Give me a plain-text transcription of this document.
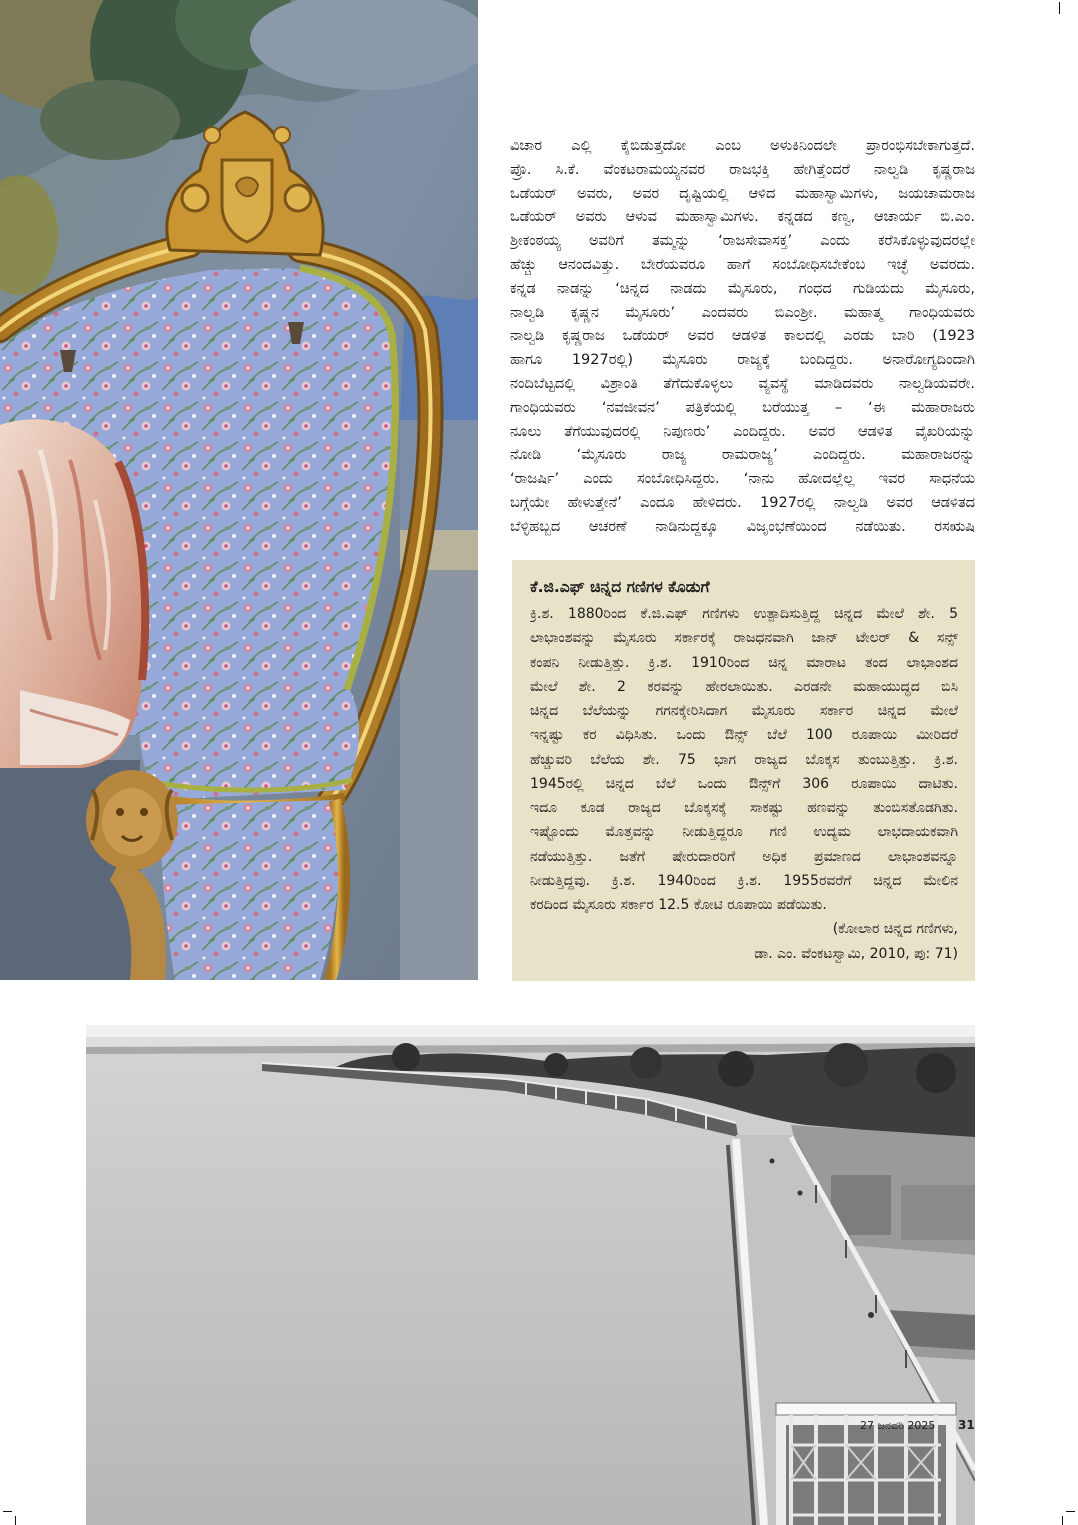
ವಿಚಾರ ಎಲ್ಲಿ ಕೈಬಿಡುತ್ತದೋ ಎಂಬ ಅಳುಕಿನಿಂದಲೇ ಪ್ರಾರಂಭಿಸಬೇಕಾಗುತ್ತದೆ.
ಪ್ರೊ. ಸಿ.ಕೆ. ವೆಂಕಟರಾಮಯ್ಯನವರ ರಾಜಭಕ್ತಿ ಹೇಗಿತ್ತೆಂದರೆ ನಾಲ್ವಡಿ ಕೃಷ್ಣರಾಜ
ಒಡೆಯರ್ ಅವರು, ಅವರ ದೃಷ್ಟಿಯಲ್ಲಿ ಆಳಿದ ಮಹಾಸ್ವಾಮಿಗಳು, ಜಯಚಾಮರಾಜ
ಒಡೆಯರ್ ಅವರು ಆಳುವ ಮಹಾಸ್ವಾಮಿಗಳು. ಕನ್ನಡದ ಕಣ್ವ, ಆಚಾರ್ಯ ಬಿ.ಎಂ.
ಶ್ರೀಕಂಠಯ್ಯ ಅವರಿಗೆ ತಮ್ಮನ್ನು ‘ರಾಜಸೇವಾಸಕ್ತ’ ಎಂದು ಕರೆಸಿಕೊಳ್ಳುವುದರಲ್ಲೇ
ಹೆಚ್ಚು ಆನಂದವಿತ್ತು. ಬೇರೆಯವರೂ ಹಾಗೆ ಸಂಬೋಧಿಸಬೇಕೆಂಬ ಇಚ್ಛೆ ಅವರದು.
ಕನ್ನಡ ನಾಡನ್ನು ‘ಚಿನ್ನದ ನಾಡದು ಮೈಸೂರು, ಗಂಧದ ಗುಡಿಯದು ಮೈಸೂರು,
ನಾಲ್ವಡಿ ಕೃಷ್ಣನ ಮೈಸೂರು’ ಎಂದವರು ಬಿಎಂಶ್ರೀ. ಮಹಾತ್ಮ ಗಾಂಧಿಯವರು
ನಾಲ್ವಡಿ ಕೃಷ್ಣರಾಜ ಒಡೆಯರ್ ಅವರ ಆಡಳಿತ ಕಾಲದಲ್ಲಿ ಎರಡು ಬಾರಿ (1923
ಹಾಗೂ 1927ರಲ್ಲಿ) ಮೈಸೂರು ರಾಜ್ಯಕ್ಕೆ ಬಂದಿದ್ದರು. ಅನಾರೋಗ್ಯದಿಂದಾಗಿ
ನಂದಿಬೆಟ್ಟದಲ್ಲಿ ವಿಶ್ರಾಂತಿ ತೆಗೆದುಕೊಳ್ಳಲು ವ್ಯವಸ್ಥೆ ಮಾಡಿದವರು ನಾಲ್ವಡಿಯವರೇ.
ಗಾಂಧಿಯವರು ‘ನವಜೀವನ’ ಪತ್ರಿಕೆಯಲ್ಲಿ ಬರೆಯುತ್ತ – ‘ಈ ಮಹಾರಾಜರು
ನೂಲು ತೆಗೆಯುವುದರಲ್ಲಿ ನಿಪುಣರು’ ಎಂದಿದ್ದರು. ಅವರ ಆಡಳಿತ ವೈಖರಿಯನ್ನು
ನೋಡಿ ‘ಮೈಸೂರು ರಾಜ್ಯ ರಾಮರಾಜ್ಯ’ ಎಂದಿದ್ದರು. ಮಹಾರಾಜರನ್ನು
‘ರಾಜರ್ಷಿ’ ಎಂದು ಸಂಬೋಧಿಸಿದ್ದರು. ‘ನಾನು ಹೋದಲ್ಲೆಲ್ಲ ಇವರ ಸಾಧನೆಯ
ಬಗ್ಗೆಯೇ ಹೇಳುತ್ತೇನೆ’ ಎಂದೂ ಹೇಳಿದರು. 1927ರಲ್ಲಿ ನಾಲ್ವಡಿ ಅವರ ಆಡಳಿತದ
ಬೆಳ್ಳಿಹಬ್ಬದ ಆಚರಣೆ ನಾಡಿನುದ್ದಕ್ಕೂ ವಿಜೃಂಭಣೆಯಿಂದ ನಡೆಯಿತು. ರಸಋಷಿ
ಕೆ.ಜಿ.ಎಫ್ ಚಿನ್ನದ ಗಣಿಗಳ ಕೊಡುಗೆ
ಕ್ರಿ.ಶ. 1880ರಿಂದ ಕೆ.ಜಿ.ಎಫ್ ಗಣಿಗಳು ಉತ್ಪಾದಿಸುತ್ತಿದ್ದ ಚಿನ್ನದ ಮೇಲೆ ಶೇ. 5
ಲಾಭಾಂಶವನ್ನು ಮೈಸೂರು ಸರ್ಕಾರಕ್ಕೆ ರಾಜಧನವಾಗಿ ಜಾನ್ ಟೇಲರ್ & ಸನ್ಸ್
ಕಂಪನಿ ನೀಡುತ್ತಿತ್ತು. ಕ್ರಿ.ಶ. 1910ರಿಂದ ಚಿನ್ನ ಮಾರಾಟ ತಂದ ಲಾಭಾಂಶದ
ಮೇಲೆ ಶೇ. 2 ಕರವನ್ನು ಹೇರಲಾಯಿತು. ಎರಡನೇ ಮಹಾಯುದ್ಧದ ಬಿಸಿ
ಚಿನ್ನದ ಬೆಲೆಯನ್ನು ಗಗನಕ್ಕೇರಿಸಿದಾಗ ಮೈಸೂರು ಸರ್ಕಾರ ಚಿನ್ನದ ಮೇಲೆ
ಇನ್ನಷ್ಟು ಕರ ವಿಧಿಸಿತು. ಒಂದು ಔನ್ಸ್ ಬೆಲೆ 100 ರೂಪಾಯಿ ಮೀರಿದರೆ
ಹೆಚ್ಚುವರಿ ಬೆಲೆಯ ಶೇ. 75 ಭಾಗ ರಾಜ್ಯದ ಬೊಕ್ಕಸ ತುಂಬುತ್ತಿತ್ತು. ಕ್ರಿ.ಶ.
1945ರಲ್ಲಿ ಚಿನ್ನದ ಬೆಲೆ ಒಂದು ಔನ್ಸ್‌ಗೆ 306 ರೂಪಾಯಿ ದಾಟಿತು.
ಇದೂ ಕೂಡ ರಾಜ್ಯದ ಬೊಕ್ಕಸಕ್ಕೆ ಸಾಕಷ್ಟು ಹಣವನ್ನು ತುಂಬಿಸತೊಡಗಿತು.
ಇಷ್ಟೊಂದು ಮೊತ್ತವನ್ನು ನೀಡುತ್ತಿದ್ದರೂ ಗಣಿ ಉದ್ಯಮ ಲಾಭದಾಯಕವಾಗಿ
ನಡೆಯುತ್ತಿತ್ತು. ಜತೆಗೆ ಷೇರುದಾರರಿಗೆ ಅಧಿಕ ಪ್ರಮಾಣದ ಲಾಭಾಂಶವನ್ನೂ
ನೀಡುತ್ತಿದ್ದವು. ಕ್ರಿ.ಶ. 1940ರಿಂದ ಕ್ರಿ.ಶ. 1955ರವರೆಗೆ ಚಿನ್ನದ ಮೇಲಿನ
ಕರದಿಂದ ಮೈಸೂರು ಸರ್ಕಾರ 12.5 ಕೋಟಿ ರೂಪಾಯಿ ಪಡೆಯಿತು.
(ಕೋಲಾರ ಚಿನ್ನದ ಗಣಿಗಳು,
ಡಾ. ಎಂ. ವೆಂಕಟಸ್ವಾಮಿ, 2010, ಪು: 71)
27 ಜನವರಿ 2025 31
